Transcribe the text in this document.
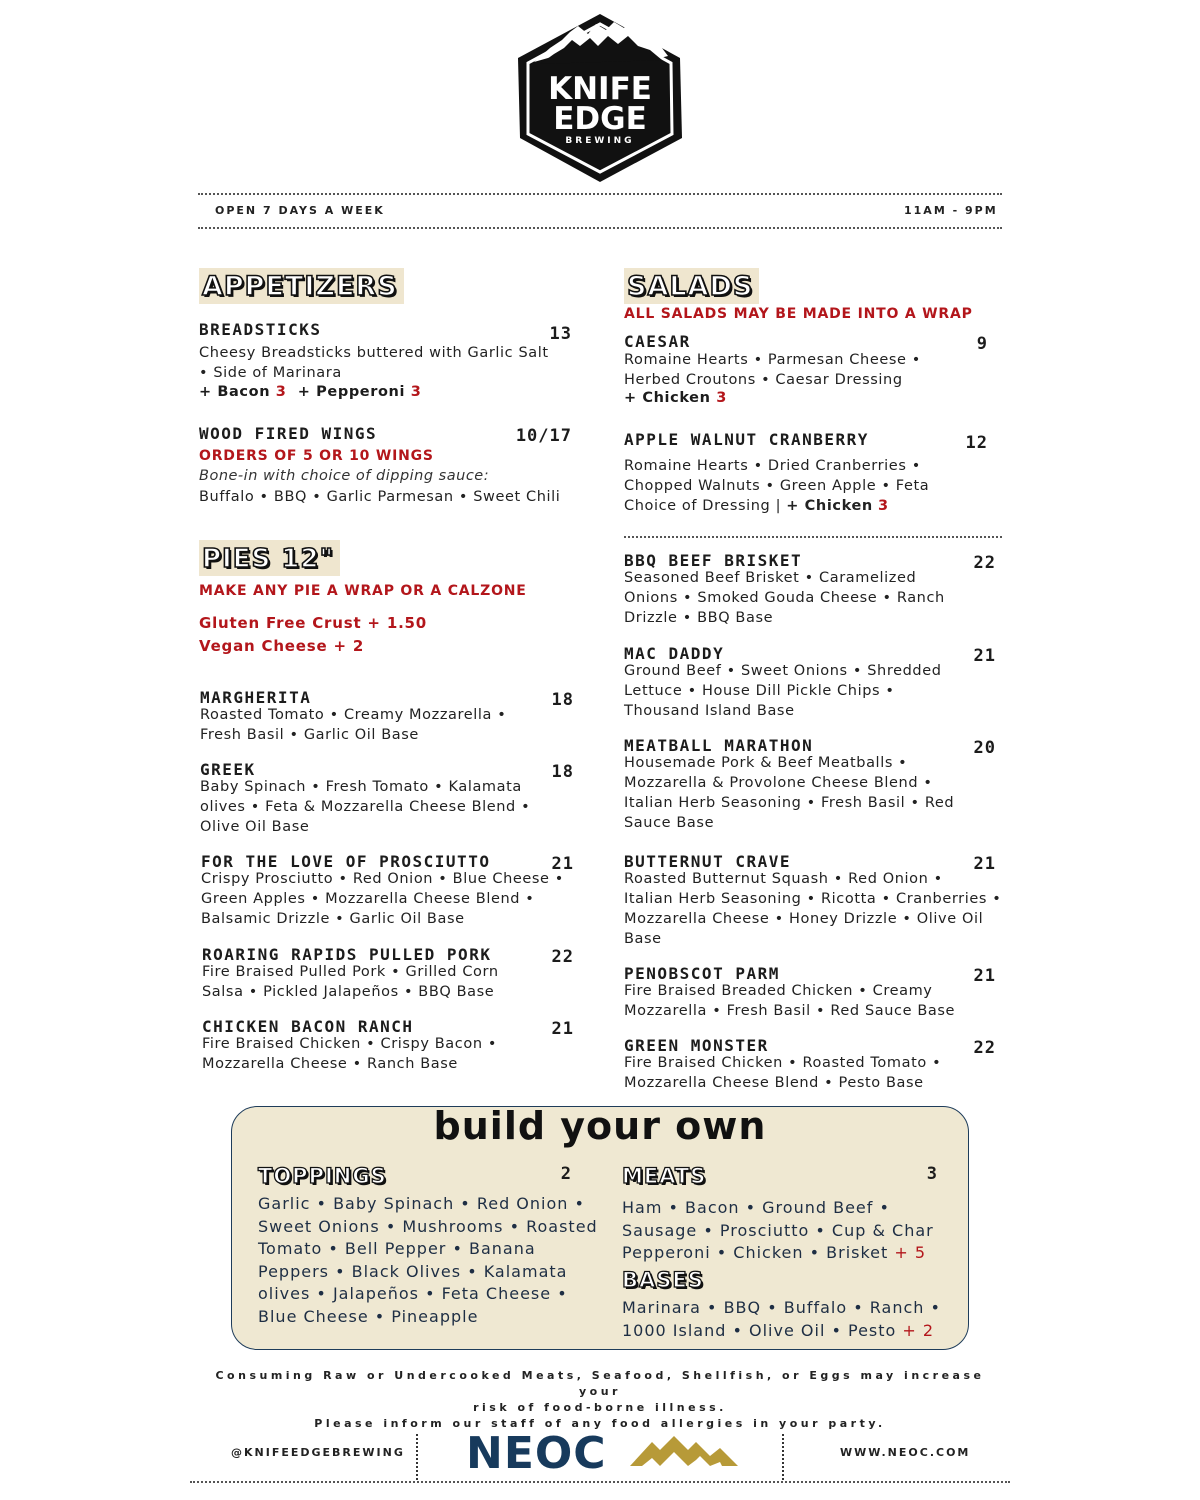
KNIFE
EDGE
BREWING
OPEN 7 DAYS A WEEK	11AM - 9PM
APPETIZERS
BREADSTICKS	13
Cheesy Breadsticks buttered with Garlic Salt
• Side of Marinara
+ Bacon 3 + Pepperoni 3
WOOD FIRED WINGS	10/17
ORDERS OF 5 OR 10 WINGS
Bone-in with choice of dipping sauce:
Buffalo • BBQ • Garlic Parmesan • Sweet Chili
SALADS
ALL SALADS MAY BE MADE INTO A WRAP
CAESAR	9
Romaine Hearts • Parmesan Cheese •
Herbed Croutons • Caesar Dressing
+ Chicken 3
APPLE WALNUT CRANBERRY	12
Romaine Hearts • Dried Cranberries •
Chopped Walnuts • Green Apple • Feta
Choice of Dressing | + Chicken 3
PIES 12"
MAKE ANY PIE A WRAP OR A CALZONE
Gluten Free Crust + 1.50
Vegan Cheese + 2
MARGHERITA	18
Roasted Tomato • Creamy Mozzarella •
Fresh Basil • Garlic Oil Base
GREEK	18
Baby Spinach • Fresh Tomato • Kalamata
olives • Feta & Mozzarella Cheese Blend •
Olive Oil Base
FOR THE LOVE OF PROSCIUTTO	21
Crispy Prosciutto • Red Onion • Blue Cheese •
Green Apples • Mozzarella Cheese Blend •
Balsamic Drizzle • Garlic Oil Base
ROARING RAPIDS PULLED PORK	22
Fire Braised Pulled Pork • Grilled Corn
Salsa • Pickled Jalapeños • BBQ Base
CHICKEN BACON RANCH	21
Fire Braised Chicken • Crispy Bacon •
Mozzarella Cheese • Ranch Base
BBQ BEEF BRISKET	22
Seasoned Beef Brisket • Caramelized
Onions • Smoked Gouda Cheese • Ranch
Drizzle • BBQ Base
MAC DADDY	21
Ground Beef • Sweet Onions • Shredded
Lettuce • House Dill Pickle Chips •
Thousand Island Base
MEATBALL MARATHON	20
Housemade Pork & Beef Meatballs •
Mozzarella & Provolone Cheese Blend •
Italian Herb Seasoning • Fresh Basil • Red
Sauce Base
BUTTERNUT CRAVE	21
Roasted Butternut Squash • Red Onion •
Italian Herb Seasoning • Ricotta • Cranberries •
Mozzarella Cheese • Honey Drizzle • Olive Oil
Base
PENOBSCOT PARM	21
Fire Braised Breaded Chicken • Creamy
Mozzarella • Fresh Basil • Red Sauce Base
GREEN MONSTER	22
Fire Braised Chicken • Roasted Tomato •
Mozzarella Cheese Blend • Pesto Base
build your own
TOPPINGS	2
Garlic • Baby Spinach • Red Onion •
Sweet Onions • Mushrooms • Roasted
Tomato • Bell Pepper • Banana
Peppers • Black Olives • Kalamata
olives • Jalapeños • Feta Cheese •
Blue Cheese • Pineapple
MEATS	3
Ham • Bacon • Ground Beef •
Sausage • Prosciutto • Cup & Char
Pepperoni • Chicken • Brisket + 5
BASES
Marinara • BBQ • Buffalo • Ranch •
1000 Island • Olive Oil • Pesto + 2
Consuming Raw or Undercooked Meats, Seafood, Shellfish, or Eggs may increase your
risk of food-borne illness.
Please inform our staff of any food allergies in your party.
@KNIFEEDGEBREWING NEOC	WWW.NEOC.COM
